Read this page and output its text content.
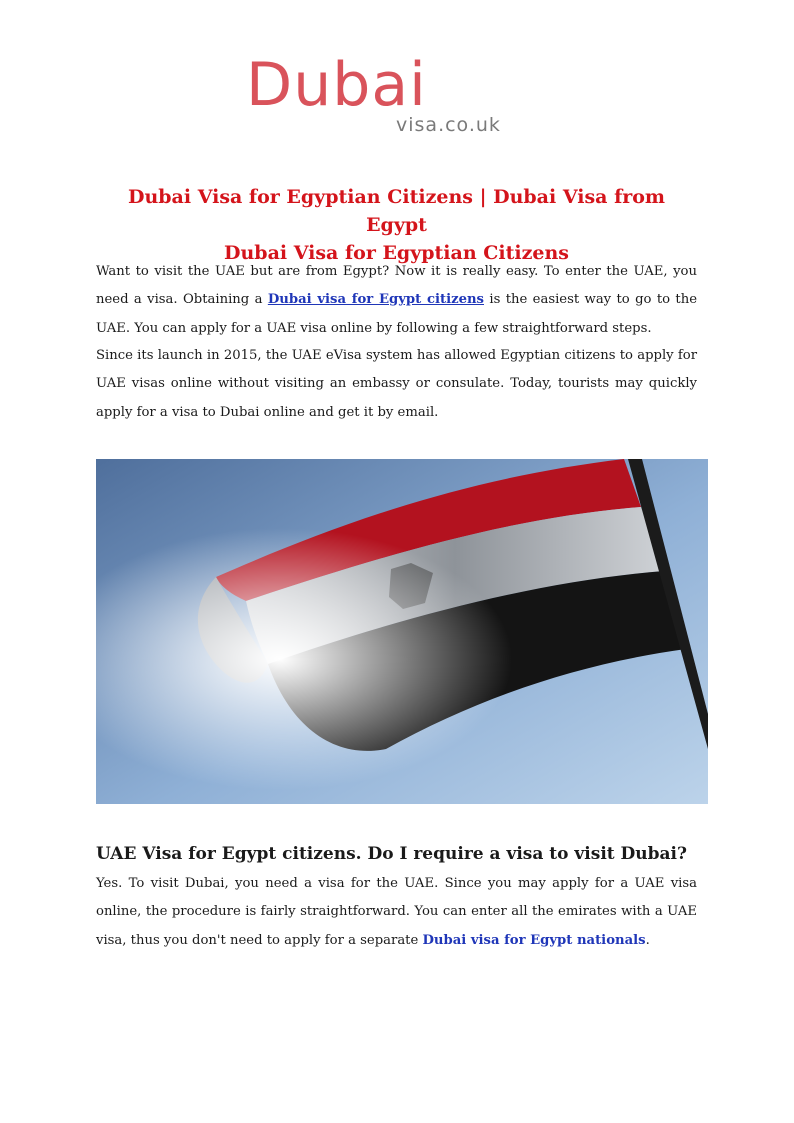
Dubai
visa.co.uk
Dubai Visa for Egyptian Citizens | Dubai Visa from Egypt
Dubai Visa for Egyptian Citizens

Want to visit the UAE but are from Egypt? Now it is really easy. To enter the UAE, you need a visa. Obtaining a Dubai visa for Egypt citizens is the easiest way to go to the UAE. You can apply for a UAE visa online by following a few straightforward steps.

Since its launch in 2015, the UAE eVisa system has allowed Egyptian citizens to apply for UAE visas online without visiting an embassy or consulate. Today, tourists may quickly apply for a visa to Dubai online and get it by email.

UAE Visa for Egypt citizens. Do I require a visa to visit Dubai?

Yes. To visit Dubai, you need a visa for the UAE. Since you may apply for a UAE visa online, the procedure is fairly straightforward. You can enter all the emirates with a UAE visa, thus you don't need to apply for a separate Dubai visa for Egypt nationals.
